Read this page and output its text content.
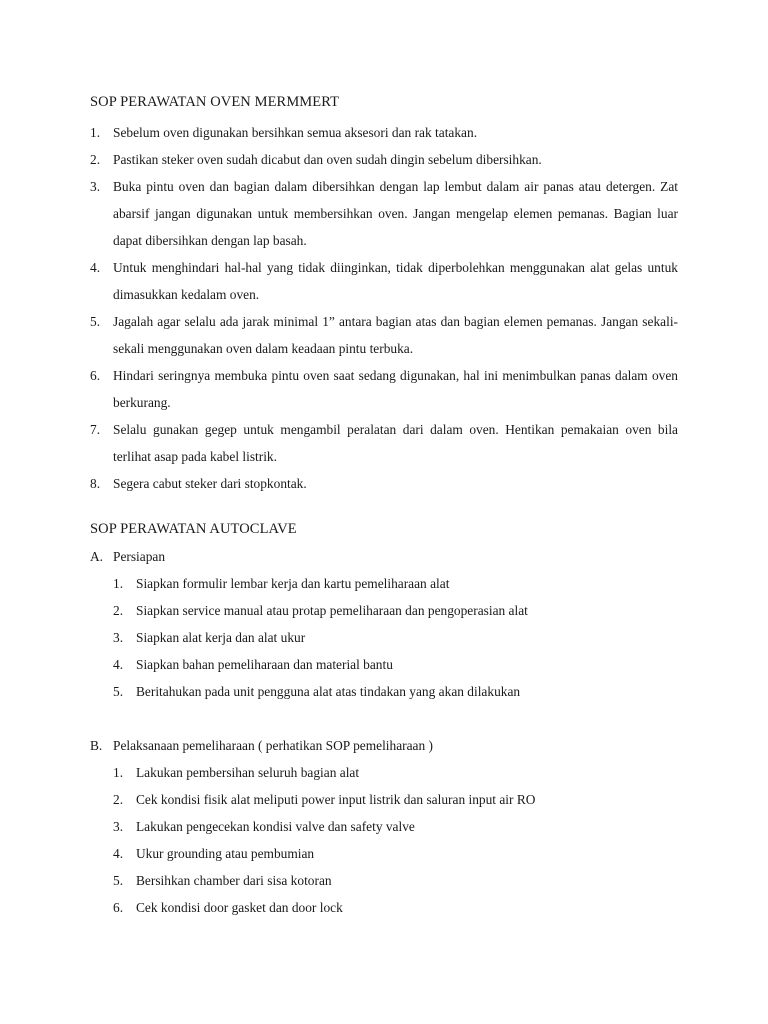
SOP PERAWATAN OVEN MERMMERT
1. Sebelum oven digunakan bersihkan semua aksesori dan rak tatakan.
2. Pastikan steker oven sudah dicabut dan oven sudah dingin sebelum dibersihkan.
3. Buka pintu oven dan bagian dalam dibersihkan dengan lap lembut dalam air panas atau detergen. Zat abarsif jangan digunakan untuk membersihkan oven. Jangan mengelap elemen pemanas. Bagian luar dapat dibersihkan dengan lap basah.
4. Untuk menghindari hal-hal yang tidak diinginkan, tidak diperbolehkan menggunakan alat gelas untuk dimasukkan kedalam oven.
5. Jagalah agar selalu ada jarak minimal 1” antara bagian atas dan bagian elemen pemanas. Jangan sekali-sekali menggunakan oven dalam keadaan pintu terbuka.
6. Hindari seringnya membuka pintu oven saat sedang digunakan, hal ini menimbulkan panas dalam oven berkurang.
7. Selalu gunakan gegep untuk mengambil peralatan dari dalam oven. Hentikan pemakaian oven bila terlihat asap pada kabel listrik.
8. Segera cabut steker dari stopkontak.
SOP PERAWATAN AUTOCLAVE
A. Persiapan
1. Siapkan formulir lembar kerja dan kartu pemeliharaan alat
2. Siapkan service manual atau protap pemeliharaan dan pengoperasian alat
3. Siapkan alat kerja dan alat ukur
4. Siapkan bahan pemeliharaan dan material bantu
5. Beritahukan pada unit pengguna alat atas tindakan yang akan dilakukan
B. Pelaksanaan pemeliharaan ( perhatikan SOP pemeliharaan )
1. Lakukan pembersihan seluruh bagian alat
2. Cek kondisi fisik alat meliputi power input listrik dan saluran input air RO
3. Lakukan pengecekan kondisi valve dan safety valve
4. Ukur grounding atau pembumian
5. Bersihkan chamber dari sisa kotoran
6. Cek kondisi door gasket dan door lock
